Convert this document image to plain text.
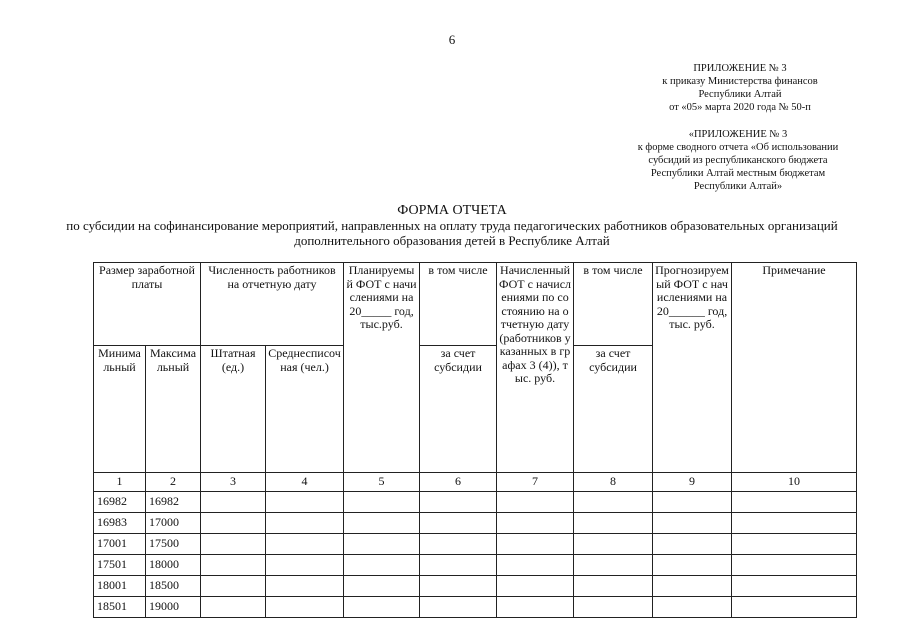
6
ПРИЛОЖЕНИЕ № 3
к приказу Министерства финансов
Республики Алтай
от «05» марта 2020 года № 50-п
«ПРИЛОЖЕНИЕ № 3
к форме сводного отчета «Об использовании
субсидий из республиканского бюджета
Республики Алтай местным бюджетам
Республики Алтай»
ФОРМА ОТЧЕТА
по субсидии на софинансирование мероприятий, направленных на оплату труда педагогических работников образовательных организаций
дополнительного образования детей в Республике Алтай
Размер заработной платы		Численность работников на отчетную дату		Планируемый ФОТ с начислениями на 20_____ год, тыс.руб.	в том числе	Начисленный ФОТ с начислениями по состоянию на отчетную дату (работников указанных в графах 3 (4)), тыс. руб.	в том числе	Прогнозируемый ФОТ с начислениями на 20______ год, тыс. руб.	Примечание
Минимальный	Максимальный	Штатная (ед.)	Среднесписочная (чел.)		за счет субсидии		за счет субсидии		
1	2	3	4	5	6	7	8	9	10
16982	16982								
16983	17000								
17001	17500								
17501	18000								
18001	18500								
18501	19000								
